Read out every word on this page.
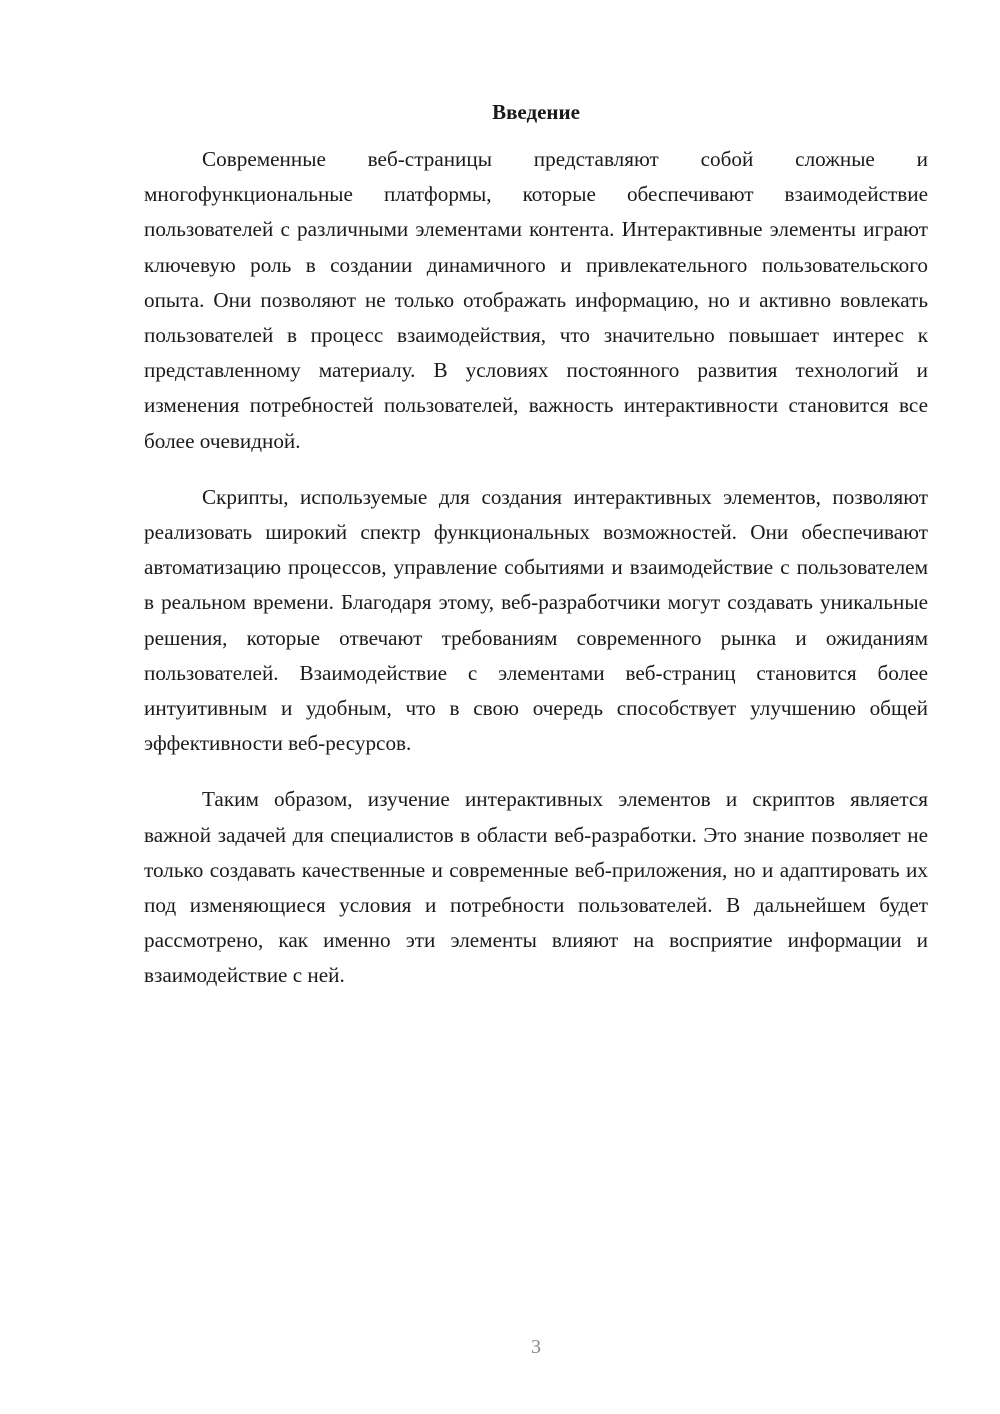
Введение

Современные веб-страницы представляют собой сложные и многофункциональные платформы, которые обеспечивают взаимодействие пользователей с различными элементами контента. Интерактивные элементы играют ключевую роль в создании динамичного и привлекательного пользовательского опыта. Они позволяют не только отображать информацию, но и активно вовлекать пользователей в процесс взаимодействия, что значительно повышает интерес к представленному материалу. В условиях постоянного развития технологий и изменения потребностей пользователей, важность интерактивности становится все более очевидной.

Скрипты, используемые для создания интерактивных элементов, позволяют реализовать широкий спектр функциональных возможностей. Они обеспечивают автоматизацию процессов, управление событиями и взаимодействие с пользователем в реальном времени. Благодаря этому, веб-разработчики могут создавать уникальные решения, которые отвечают требованиям современного рынка и ожиданиям пользователей. Взаимодействие с элементами веб-страниц становится более интуитивным и удобным, что в свою очередь способствует улучшению общей эффективности веб-ресурсов.

Таким образом, изучение интерактивных элементов и скриптов является важной задачей для специалистов в области веб-разработки. Это знание позволяет не только создавать качественные и современные веб-приложения, но и адаптировать их под изменяющиеся условия и потребности пользователей. В дальнейшем будет рассмотрено, как именно эти элементы влияют на восприятие информации и взаимодействие с ней.

3
